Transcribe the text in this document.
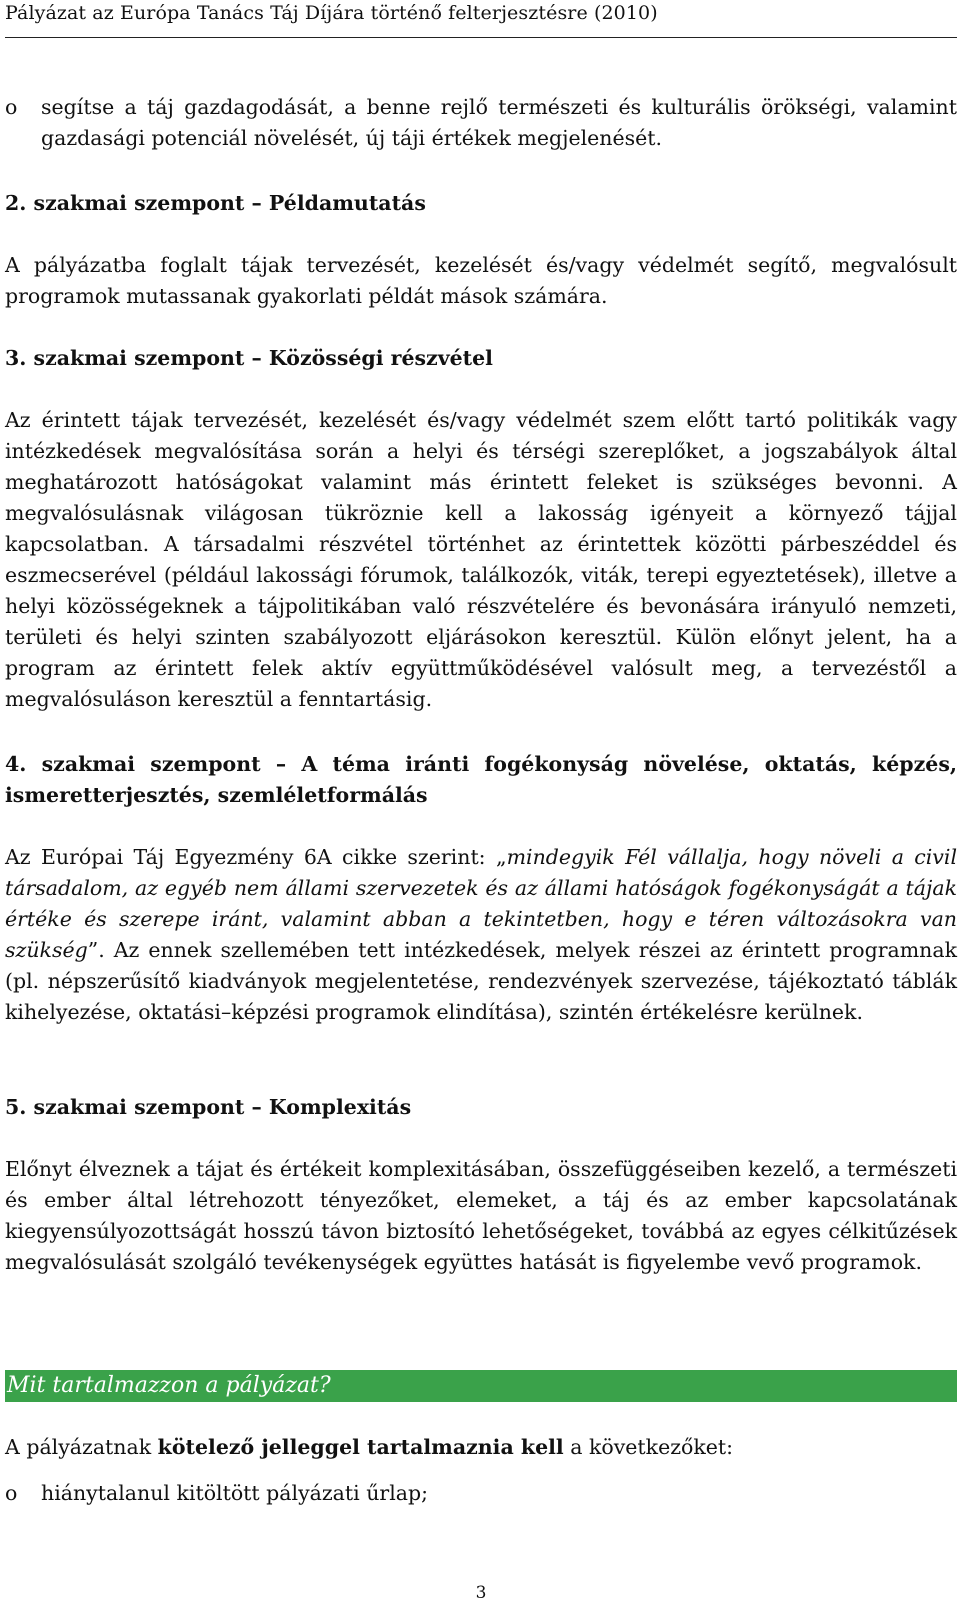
Pályázat az Európa Tanács Táj Díjára történő felterjesztésre (2010)
o segítse a táj gazdagodását, a benne rejlő természeti és kulturális örökségi, valamint gazdasági potenciál növelését, új táji értékek megjelenését.
2. szakmai szempont – Példamutatás
A pályázatba foglalt tájak tervezését, kezelését és/vagy védelmét segítő, megvalósult programok mutassanak gyakorlati példát mások számára.
3. szakmai szempont – Közösségi részvétel
Az érintett tájak tervezését, kezelését és/vagy védelmét szem előtt tartó politikák vagy intézkedések megvalósítása során a helyi és térségi szereplőket, a jogszabályok által meghatározott hatóságokat valamint más érintett feleket is szükséges bevonni. A megvalósulásnak világosan tükröznie kell a lakosság igényeit a környező tájjal kapcsolatban. A társadalmi részvétel történhet az érintettek közötti párbeszéddel és eszmecserével (például lakossági fórumok, találkozók, viták, terepi egyeztetések), illetve a helyi közösségeknek a tájpolitikában való részvételére és bevonására irányuló nemzeti, területi és helyi szinten szabályozott eljárásokon keresztül. Külön előnyt jelent, ha a program az érintett felek aktív együttműködésével valósult meg, a tervezéstől a megvalósuláson keresztül a fenntartásig.
4. szakmai szempont – A téma iránti fogékonyság növelése, oktatás, képzés, ismeretterjesztés, szemléletformálás
Az Európai Táj Egyezmény 6A cikke szerint: „mindegyik Fél vállalja, hogy növeli a civil társadalom, az egyéb nem állami szervezetek és az állami hatóságok fogékonyságát a tájak értéke és szerepe iránt, valamint abban a tekintetben, hogy e téren változásokra van szükség”. Az ennek szellemében tett intézkedések, melyek részei az érintett programnak (pl. népszerűsítő kiadványok megjelentetése, rendezvények szervezése, tájékoztató táblák kihelyezése, oktatási–képzési programok elindítása), szintén értékelésre kerülnek.
5. szakmai szempont – Komplexitás
Előnyt élveznek a tájat és értékeit komplexitásában, összefüggéseiben kezelő, a természeti és ember által létrehozott tényezőket, elemeket, a táj és az ember kapcsolatának kiegyensúlyozottságát hosszú távon biztosító lehetőségeket, továbbá az egyes célkitűzések megvalósulását szolgáló tevékenységek együttes hatását is figyelembe vevő programok.
Mit tartalmazzon a pályázat?
A pályázatnak kötelező jelleggel tartalmaznia kell a következőket:
o hiánytalanul kitöltött pályázati űrlap;
3
